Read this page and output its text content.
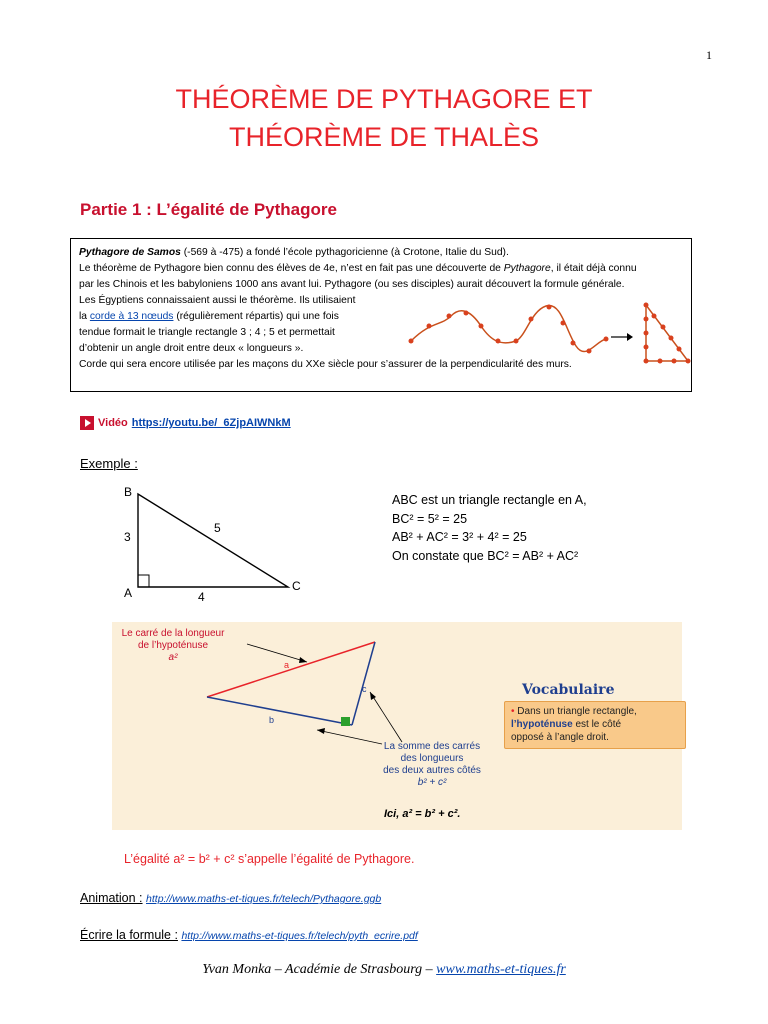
1
THÉORÈME DE PYTHAGORE ET
THÉORÈME DE THALÈS
Partie 1 : L’égalité de Pythagore

Pythagore de Samos (-569 à -475) a fondé l’école pythagoricienne (à Crotone, Italie du Sud).

Le théorème de Pythagore bien connu des élèves de 4e, n’est en fait pas une découverte de Pythagore, il était déjà connu

par les Chinois et les babyloniens 1000 ans avant lui. Pythagore (ou ses disciples) aurait découvert la formule générale.

Les Égyptiens connaissaient aussi le théorème. Ils utilisaient

la corde à 13 nœuds (régulièrement répartis) qui une fois

tendue formait le triangle rectangle 3 ; 4 ; 5 et permettait

d’obtenir un angle droit entre deux « longueurs ».

Corde qui sera encore utilisée par les maçons du XXe siècle pour s’assurer de la perpendicularité des murs.

Vidéo https://youtu.be/_6ZjpAIWNkM
Exemple :
B
A	C
3
4
5
ABC est un triangle rectangle en A,
BC² = 5² = 25
AB² + AC² = 3² + 4² = 25
On constate que BC² = AB² + AC²
Le carré de la longueur
de l’hypoténuse
a²
a
b
c
La somme des carrés
des longueurs
des deux autres côtés
b² + c²
Ici, a² = b² + c².
Vocabulaire
• Dans un triangle rectangle,
l’hypoténuse est le côté
opposé à l’angle droit.
L’égalité a² = b² + c² s’appelle l’égalité de Pythagore.
Animation : http://www.maths-et-tiques.fr/telech/Pythagore.ggb
Écrire la formule : http://www.maths-et-tiques.fr/telech/pyth_ecrire.pdf
Yvan Monka – Académie de Strasbourg – www.maths-et-tiques.fr
